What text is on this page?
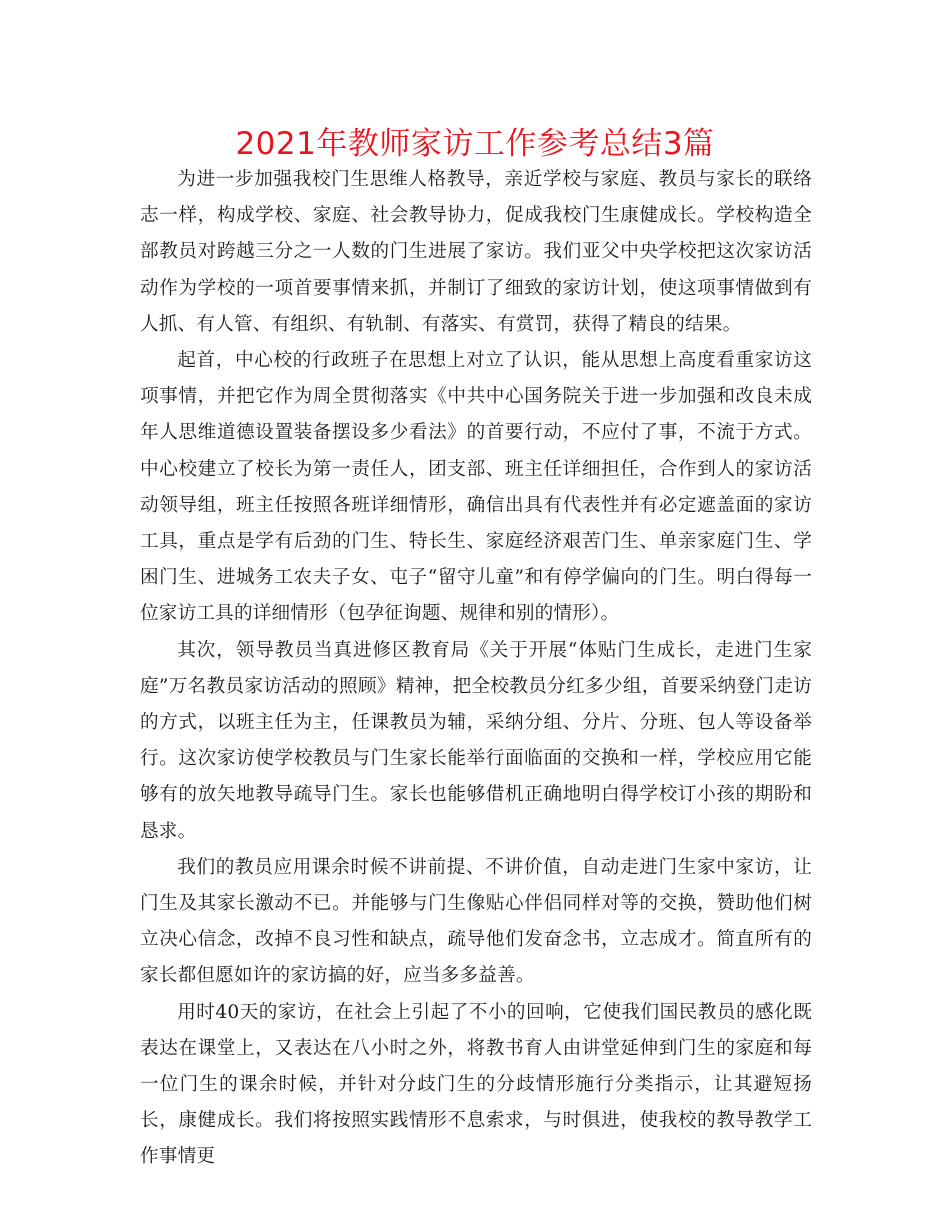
2021年教师家访工作参考总结3篇

为进一步加强我校门生思维人格教导，亲近学校与家庭、教员与家长的联络志一样，构成学校、家庭、社会教导协力，促成我校门生康健成长。学校构造全部教员对跨越三分之一人数的门生进展了家访。我们亚父中央学校把这次家访活动作为学校的一项首要事情来抓，并制订了细致的家访计划，使这项事情做到有人抓、有人管、有组织、有轨制、有落实、有赏罚，获得了精良的结果。

起首，中心校的行政班子在思想上对立了认识，能从思想上高度看重家访这项事情，并把它作为周全贯彻落实《中共中心国务院关于进一步加强和改良未成年人思维道德设置装备摆设多少看法》的首要行动，不应付了事，不流于方式。中心校建立了校长为第一责任人，团支部、班主任详细担任，合作到人的家访活动领导组，班主任按照各班详细情形，确信出具有代表性并有必定遮盖面的家访工具，重点是学有后劲的门生、特长生、家庭经济艰苦门生、单亲家庭门生、学困门生、进城务工农夫子女、屯子“留守儿童”和有停学偏向的门生。明白得每一位家访工具的详细情形（包孕征询题、规律和别的情形）。

其次，领导教员当真进修区教育局《关于开展“体贴门生成长，走进门生家庭”万名教员家访活动的照顾》精神，把全校教员分红多少组，首要采纳登门走访的方式，以班主任为主，任课教员为辅，采纳分组、分片、分班、包人等设备举行。这次家访使学校教员与门生家长能举行面临面的交换和一样，学校应用它能够有的放矢地教导疏导门生。家长也能够借机正确地明白得学校订小孩的期盼和恳求。

我们的教员应用课余时候不讲前提、不讲价值，自动走进门生家中家访，让门生及其家长激动不已。并能够与门生像贴心伴侣同样对等的交换，赞助他们树立决心信念，改掉不良习性和缺点，疏导他们发奋念书，立志成才。简直所有的家长都但愿如许的家访搞的好，应当多多益善。

用时40天的家访，在社会上引起了不小的回响，它使我们国民教员的感化既表达在课堂上，又表达在八小时之外，将教书育人由讲堂延伸到门生的家庭和每一位门生的课余时候，并针对分歧门生的分歧情形施行分类指示，让其避短扬长，康健成长。我们将按照实践情形不息索求，与时俱进，使我校的教导教学工作事情更
